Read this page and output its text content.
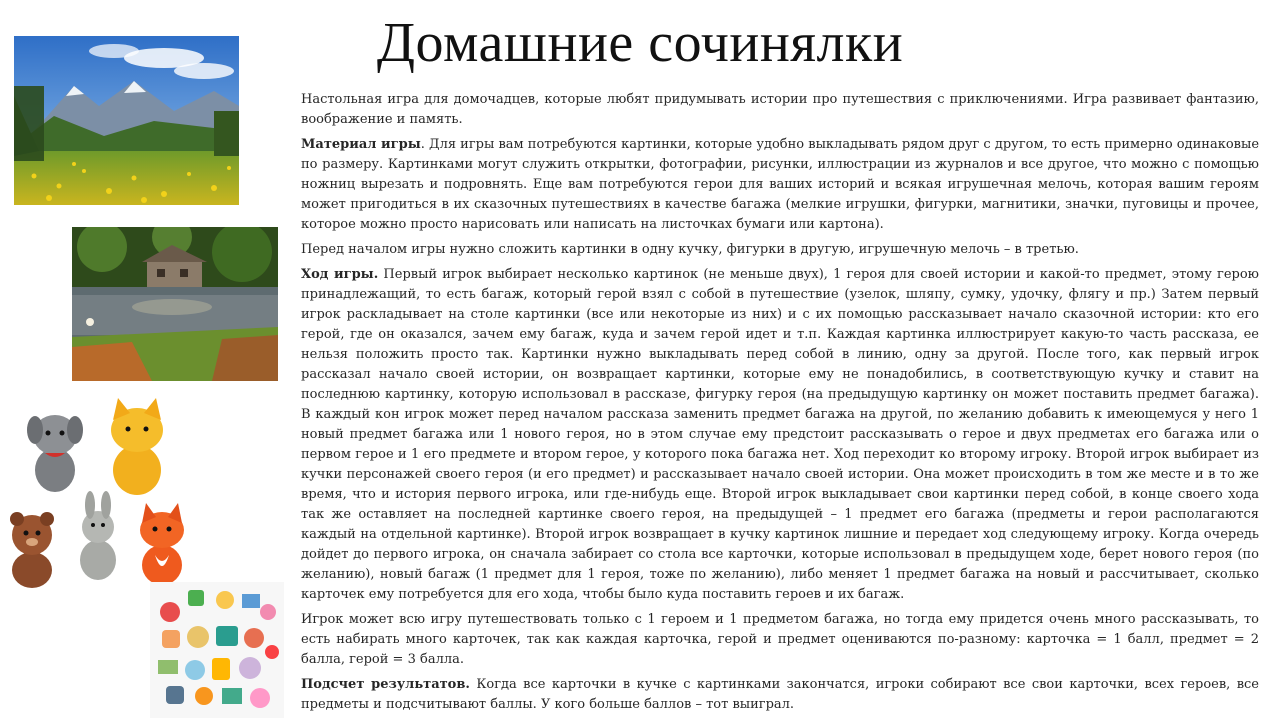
Домашние сочинялки

Настольная игра для домочадцев, которые любят придумывать истории про путешествия с приключениями. Игра развивает фантазию, воображение и память.

Материал игры. Для игры вам потребуются картинки, которые удобно выкладывать рядом друг с другом, то есть примерно одинаковые по размеру. Картинками могут служить открытки, фотографии, рисунки, иллюстрации из журналов и все другое, что можно с помощью ножниц вырезать и подровнять. Еще вам потребуются герои для ваших историй и всякая игрушечная мелочь, которая вашим героям может пригодиться в их сказочных путешествиях в качестве багажа (мелкие игрушки, фигурки, магнитики, значки, пуговицы и прочее, которое можно просто нарисовать или написать на листочках бумаги или картона).

Перед началом игры нужно сложить картинки в одну кучку, фигурки в другую, игрушечную мелочь – в третью.

Ход игры. Первый игрок выбирает несколько картинок (не меньше двух), 1 героя для своей истории и какой-то предмет, этому герою принадлежащий, то есть багаж, который герой взял с собой в путешествие (узелок, шляпу, сумку, удочку, флягу и пр.) Затем первый игрок раскладывает на столе картинки (все или некоторые из них) и с их помощью рассказывает начало сказочной истории: кто его герой, где он оказался, зачем ему багаж, куда и зачем герой идет и т.п. Каждая картинка иллюстрирует какую-то часть рассказа, ее нельзя положить просто так. Картинки нужно выкладывать перед собой в линию, одну за другой. После того, как первый игрок рассказал начало своей истории, он возвращает картинки, которые ему не понадобились, в соответствующую кучку и ставит на последнюю картинку, которую использовал в рассказе, фигурку героя (на предыдущую картинку он может поставить предмет багажа). В каждый кон игрок может перед началом рассказа заменить предмет багажа на другой, по желанию добавить к имеющемуся у него 1 новый предмет багажа или 1 нового героя, но в этом случае ему предстоит рассказывать о герое и двух предметах его багажа или о первом герое и 1 его предмете и втором герое, у которого пока багажа нет. Ход переходит ко второму игроку. Второй игрок выбирает из кучки персонажей своего героя (и его предмет) и рассказывает начало своей истории. Она может происходить в том же месте и в то же время, что и история первого игрока, или где-нибудь еще. Второй игрок выкладывает свои картинки перед собой, в конце своего хода так же оставляет на последней картинке своего героя, на предыдущей – 1 предмет его багажа (предметы и герои располагаются каждый на отдельной картинке). Второй игрок возвращает в кучку картинок лишние и передает ход следующему игроку. Когда очередь дойдет до первого игрока, он сначала забирает со стола все карточки, которые использовал в предыдущем ходе, берет нового героя (по желанию), новый багаж (1 предмет для 1 героя, тоже по желанию), либо меняет 1 предмет багажа на новый и рассчитывает, сколько карточек ему потребуется для его хода, чтобы было куда поставить героев и их багаж.

Игрок может всю игру путешествовать только с 1 героем и 1 предметом багажа, но тогда ему придется очень много рассказывать, то есть набирать много карточек, так как каждая карточка, герой и предмет оцениваются по-разному: карточка = 1 балл, предмет = 2 балла, герой = 3 балла.

Подсчет результатов. Когда все карточки в кучке с картинками закончатся, игроки собирают все свои карточки, всех героев, все предметы и подсчитывают баллы. У кого больше баллов – тот выиграл.
